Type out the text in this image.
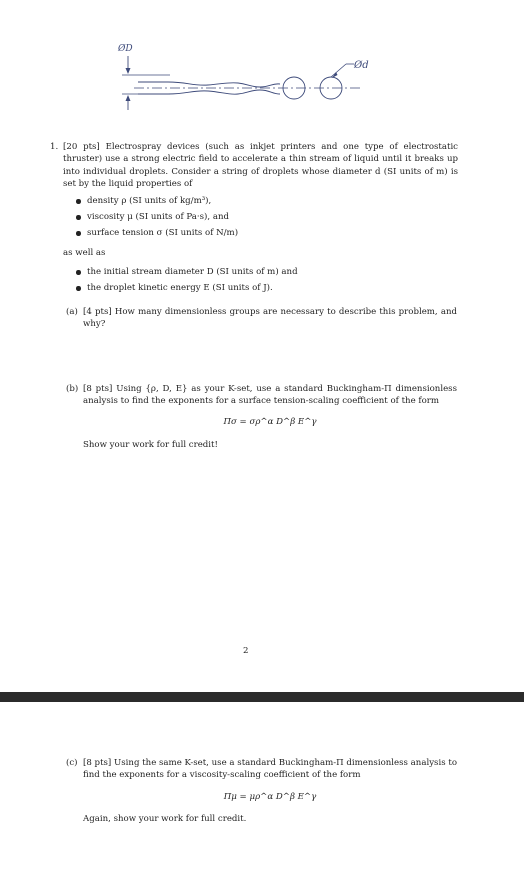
ØD
Ød
1. [20 pts] Electrospray devices (such as inkjet printers and one type of electrostatic thruster) use a strong electric field to accelerate a thin stream of liquid until it breaks up into individual droplets. Consider a string of droplets whose diameter d (SI units of m) is set by the liquid properties of
density ρ (SI units of kg/m³),
viscosity μ (SI units of Pa·s), and
surface tension σ (SI units of N/m)
as well as
the initial stream diameter D (SI units of m) and
the droplet kinetic energy E (SI units of J).
(a) [4 pts] How many dimensionless groups are necessary to describe this problem, and why?
(b) [8 pts] Using {ρ, D, E} as your K-set, use a standard Buckingham-Π dimensionless analysis to find the exponents for a surface tension-scaling coefficient of the form
Πσ = σρ^α D^β E^γ
Show your work for full credit!
2
(c) [8 pts] Using the same K-set, use a standard Buckingham-Π dimensionless analysis to find the exponents for a viscosity-scaling coefficient of the form
Πμ = μρ^α D^β E^γ
Again, show your work for full credit.
